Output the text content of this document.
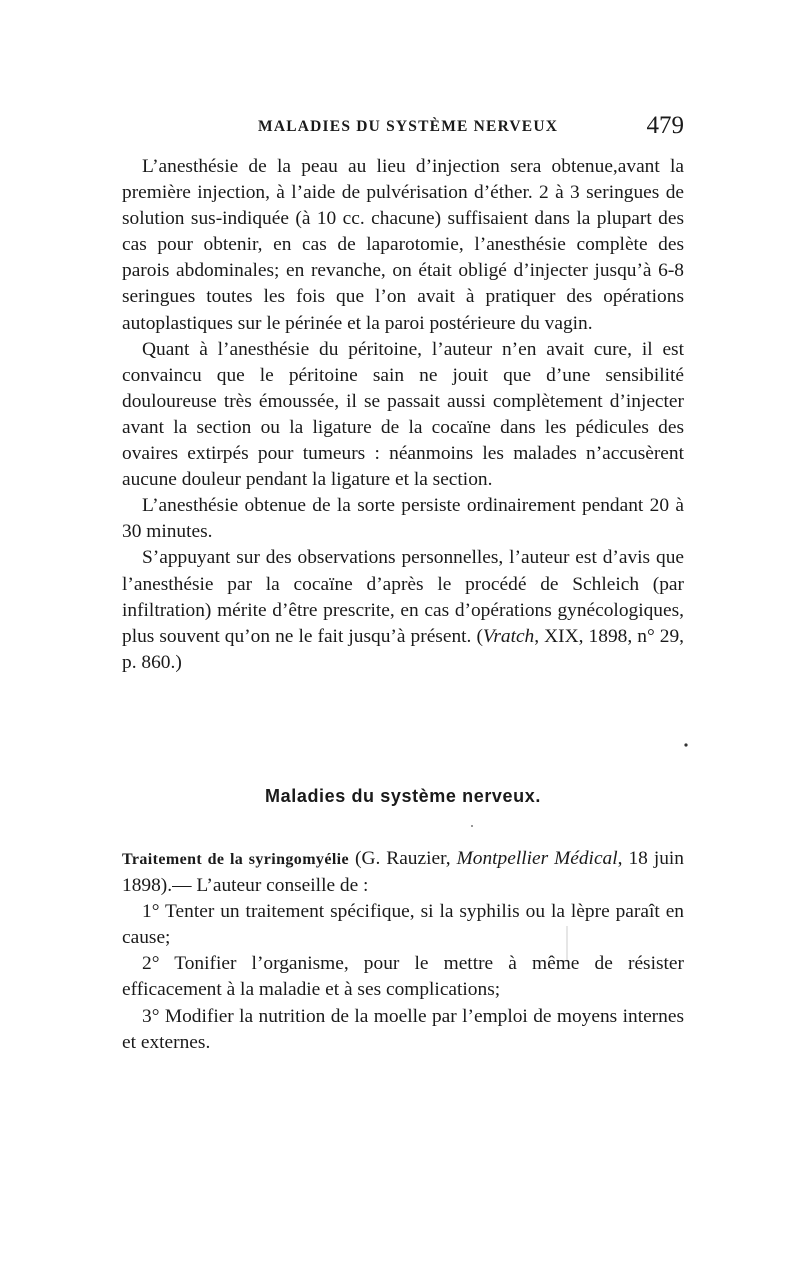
MALADIES DU SYSTÈME NERVEUX	479

L’anesthésie de la peau au lieu d’injection sera obtenue,avant la première injection, à l’aide de pulvérisation d’éther. 2 à 3 seringues de solution sus-indiquée (à 10 cc. chacune) suffisaient dans la plupart des cas pour obtenir, en cas de laparotomie, l’anesthésie complète des parois abdominales; en revanche, on était obligé d’injecter jusqu’à 6-8 seringues toutes les fois que l’on avait à pratiquer des opérations autoplastiques sur le périnée et la paroi postérieure du vagin.

Quant à l’anesthésie du péritoine, l’auteur n’en avait cure, il est convaincu que le péritoine sain ne jouit que d’une sensibilité douloureuse très émoussée, il se passait aussi complètement d’injecter avant la section ou la ligature de la cocaïne dans les pédicules des ovaires extirpés pour tumeurs : néanmoins les malades n’accusèrent aucune douleur pendant la ligature et la section.

L’anesthésie obtenue de la sorte persiste ordinairement pendant 20 à 30 minutes.

S’appuyant sur des observations personnelles, l’auteur est d’avis que l’anesthésie par la cocaïne d’après le procédé de Schleich (par infiltration) mérite d’être prescrite, en cas d’opérations gynécologiques, plus souvent qu’on ne le fait jusqu’à présent. (Vratch, XIX, 1898, n° 29, p. 860.)

Maladies du système nerveux.

Traitement de la syringomyélie (G. Rauzier, Montpellier Médical, 18 juin 1898).— L’auteur conseille de :

1° Tenter un traitement spécifique, si la syphilis ou la lèpre paraît en cause;

2° Tonifier l’organisme, pour le mettre à même de résister efficacement à la maladie et à ses complications;

3° Modifier la nutrition de la moelle par l’emploi de moyens internes et externes.
